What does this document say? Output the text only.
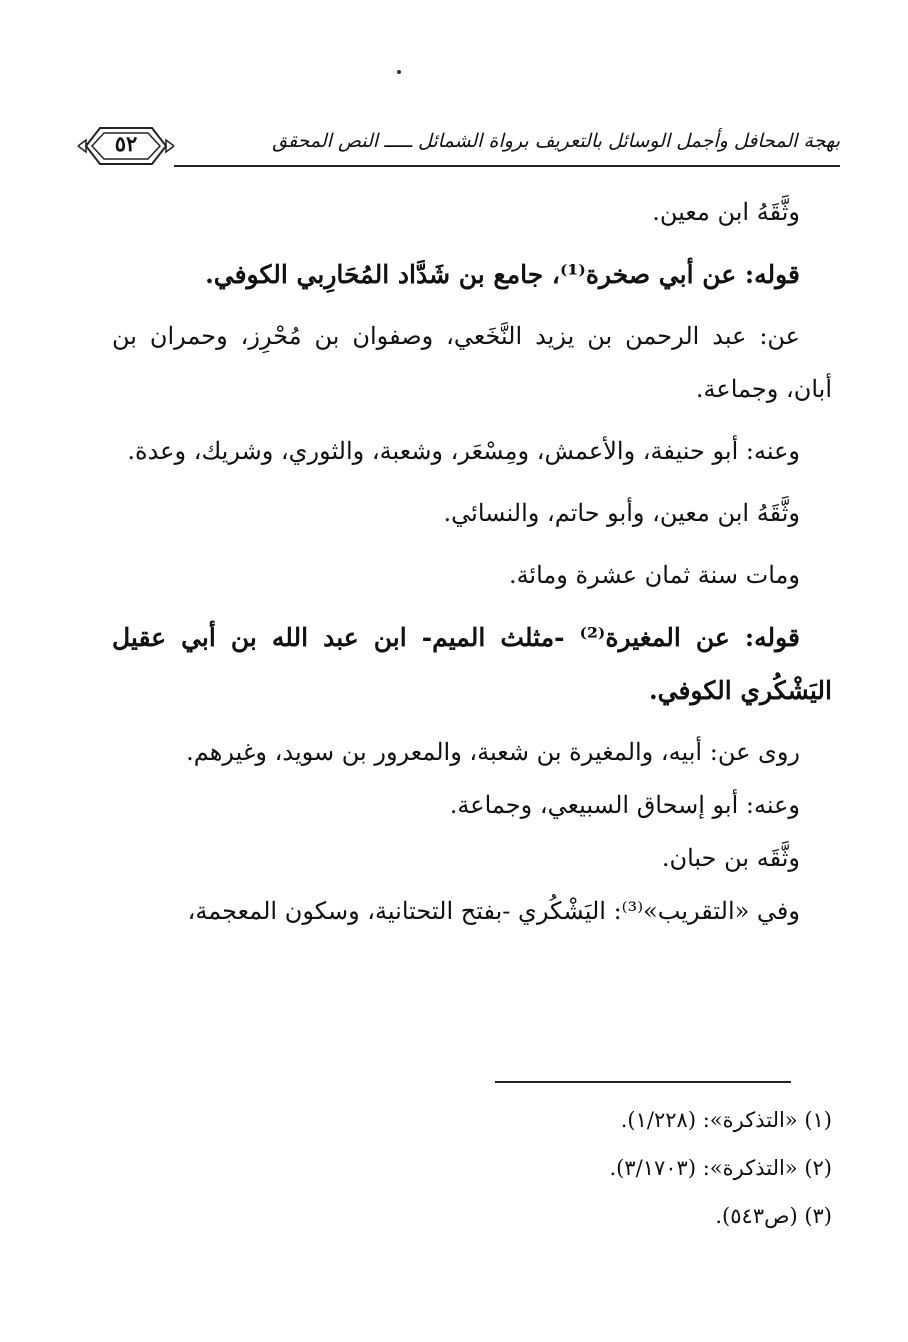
٥٢	بهجة المحافل وأجمل الوسائل بالتعريف برواة الشمائل ـــــ النص المحقق

وثَّقَهُ ابن معين.

قوله: عن أبي صخرة⁽¹⁾، جامع بن شَدَّاد المُحَارِبي الكوفي.

عن: عبد الرحمن بن يزيد النَّخَعي، وصفوان بن مُحْرِز، وحمران بن أبان، وجماعة.

وعنه: أبو حنيفة، والأعمش، ومِسْعَر، وشعبة، والثوري، وشريك، وعدة.

وثَّقَهُ ابن معين، وأبو حاتم، والنسائي.

ومات سنة ثمان عشرة ومائة.

قوله: عن المغيرة⁽²⁾ -مثلث الميم- ابن عبد الله بن أبي عقيل اليَشْكُري الكوفي.

روى عن: أبيه، والمغيرة بن شعبة، والمعرور بن سويد، وغيرهم.

وعنه: أبو إسحاق السبيعي، وجماعة.

وثَّقَه بن حبان.

وفي «التقريب»⁽³⁾: اليَشْكُري -بفتح التحتانية، وسكون المعجمة،

(١) «التذكرة»: (١/٢٢٨).
(٢) «التذكرة»: (٣/١٧٠٣).
(٣) (ص٥٤٣).
